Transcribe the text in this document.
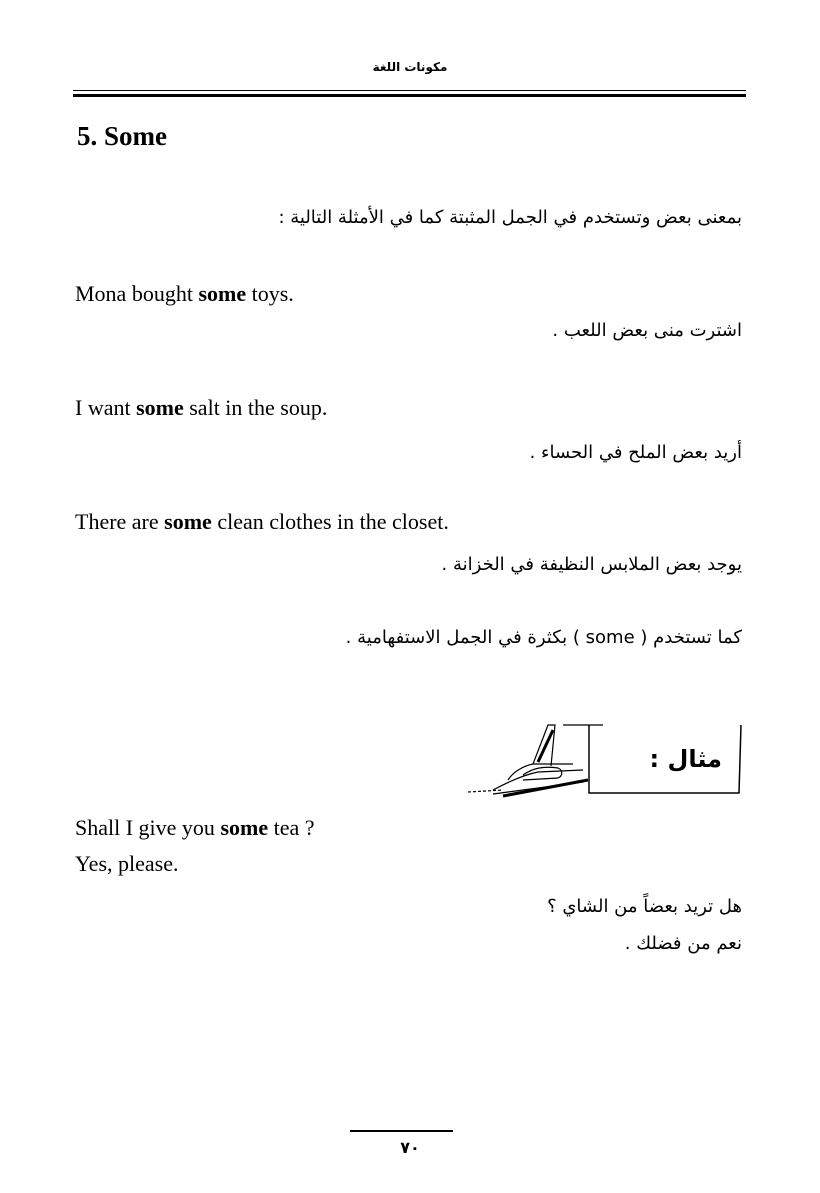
مكونات اللغة
5. Some
بمعنى بعض وتستخدم في الجمل المثبتة كما في الأمثلة التالية :
Mona bought some toys.
اشترت منى بعض اللعب .
I want some salt in the soup.
أريد بعض الملح في الحساء .
There are some clean clothes in the closet.
يوجد بعض الملابس النظيفة في الخزانة .
كما تستخدم ( some ) بكثرة في الجمل الاستفهامية .
مثال :
Shall I give you some tea ?
Yes, please.
هل تريد بعضاً من الشاي ؟
نعم من فضلك .
٧٠
